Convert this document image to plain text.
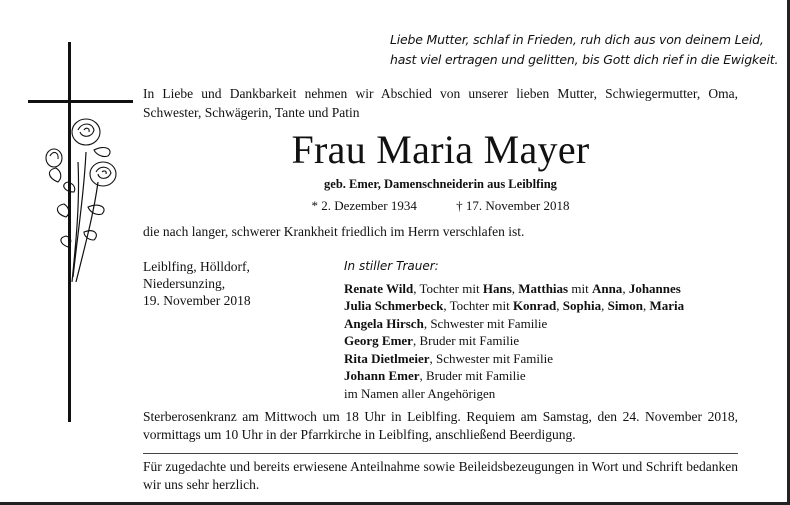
Liebe Mutter, schlaf in Frieden, ruh dich aus von deinem Leid,
hast viel ertragen und gelitten, bis Gott dich rief in die Ewigkeit.
In Liebe und Dankbarkeit nehmen wir Abschied von unserer lieben Mutter, Schwiegermutter, Oma, Schwester, Schwägerin, Tante und Patin
Frau Maria Mayer
geb. Emer, Damenschneiderin aus Leiblfing
* 2. Dezember 1934	† 17. November 2018
die nach langer, schwerer Krankheit friedlich im Herrn verschlafen ist.
Leiblfing, Hölldorf,
Niedersunzing,
19. November 2018
In stiller Trauer:
Renate Wild, Tochter mit Hans, Matthias mit Anna, Johannes
Julia Schmerbeck, Tochter mit Konrad, Sophia, Simon, Maria
Angela Hirsch, Schwester mit Familie
Georg Emer, Bruder mit Familie
Rita Dietlmeier, Schwester mit Familie
Johann Emer, Bruder mit Familie
im Namen aller Angehörigen
Sterberosenkranz am Mittwoch um 18 Uhr in Leiblfing. Requiem am Samstag, den 24. November 2018, vormittags um 10 Uhr in der Pfarrkirche in Leiblfing, anschließend Beerdigung.
Für zugedachte und bereits erwiesene Anteilnahme sowie Beileidsbezeugungen in Wort und Schrift bedanken wir uns sehr herzlich.
